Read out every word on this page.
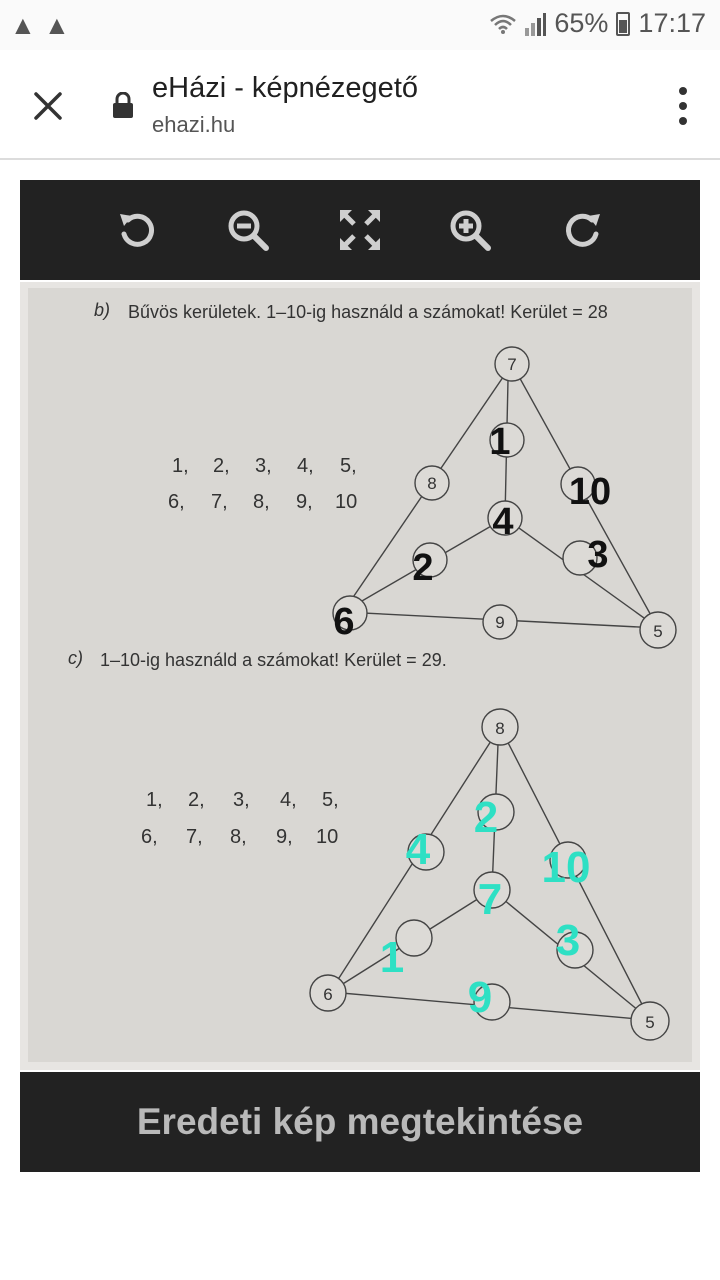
▲ ▲	65% 17:17
eHázi - képnézegető
ehazi.hu
b) Bűvös kerületek. 1–10-ig használd a számokat! Kerület = 28
1, 2, 3, 4, 5,
6, 7, 8, 9, 10
7
8
9	5
1
10
4
3
2
6
c) 1–10-ig használd a számokat! Kerület = 29.
1, 2, 3, 4, 5,
6, 7, 8, 9, 10
8
6
5
2
4	10
7
3
1
9
Eredeti kép megtekintése
